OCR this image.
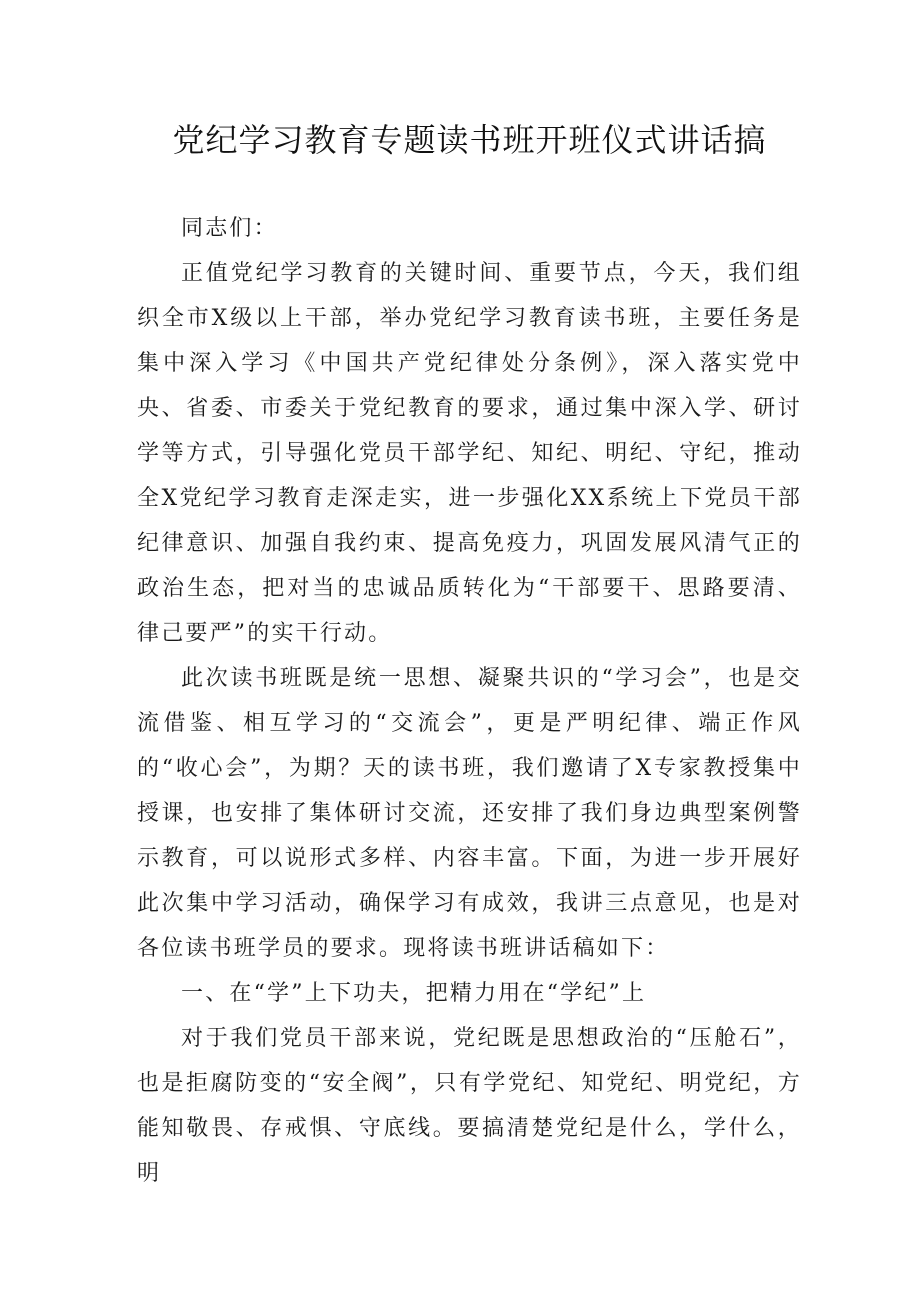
党纪学习教育专题读书班开班仪式讲话搞

同志们：

正值党纪学习教育的关键时间、重要节点，今天，我们组织全市X级以上干部，举办党纪学习教育读书班，主要任务是集中深入学习《中国共产党纪律处分条例》，深入落实党中央、省委、市委关于党纪教育的要求，通过集中深入学、研讨学等方式，引导强化党员干部学纪、知纪、明纪、守纪，推动全X党纪学习教育走深走实，进一步强化XX系统上下党员干部纪律意识、加强自我约束、提高免疫力，巩固发展风清气正的政治生态，把对当的忠诚品质转化为“干部要干、思路要清、律己要严”的实干行动。

此次读书班既是统一思想、凝聚共识的“学习会”，也是交流借鉴、相互学习的“交流会”，更是严明纪律、端正作风的“收心会”，为期？天的读书班，我们邀请了X专家教授集中授课，也安排了集体研讨交流，还安排了我们身边典型案例警示教育，可以说形式多样、内容丰富。下面，为进一步开展好此次集中学习活动，确保学习有成效，我讲三点意见，也是对各位读书班学员的要求。现将读书班讲话稿如下：

一、在“学”上下功夫，把精力用在“学纪”上

对于我们党员干部来说，党纪既是思想政治的“压舱石”，也是拒腐防变的“安全阀”，只有学党纪、知党纪、明党纪，方能知敬畏、存戒惧、守底线。要搞清楚党纪是什么，学什么，明
